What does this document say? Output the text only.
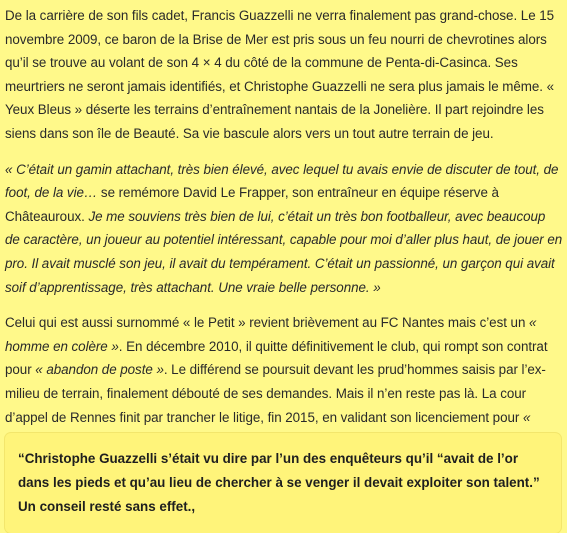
De la carrière de son fils cadet, Francis Guazzelli ne verra finalement pas grand-chose. Le 15 novembre 2009, ce baron de la Brise de Mer est pris sous un feu nourri de chevrotines alors qu’il se trouve au volant de son 4 × 4 du côté de la commune de Penta-di-Casinca. Ses meurtriers ne seront jamais identifiés, et Christophe Guazzelli ne sera plus jamais le même. « Yeux Bleus » déserte les terrains d’entraînement nantais de la Jonelière. Il part rejoindre les siens dans son île de Beauté. Sa vie bascule alors vers un tout autre terrain de jeu.

« C’était un gamin attachant, très bien élevé, avec lequel tu avais envie de discuter de tout, de foot, de la vie… se remémore David Le Frapper, son entraîneur en équipe réserve à Châteauroux. Je me souviens très bien de lui, c’était un très bon footballeur, avec beaucoup de caractère, un joueur au potentiel intéressant, capable pour moi d’aller plus haut, de jouer en pro. Il avait musclé son jeu, il avait du tempérament. C’était un passionné, un garçon qui avait soif d’apprentissage, très attachant. Une vraie belle personne. »

Celui qui est aussi surnommé « le Petit » revient brièvement au FC Nantes mais c’est un « homme en colère ». En décembre 2010, il quitte définitivement le club, qui rompt son contrat pour « abandon de poste ». Le différend se poursuit devant les prud’hommes saisis par l’ex-milieu de terrain, finalement débouté de ses demandes. Mais il n’en reste pas là. La cour d’appel de Rennes finit par trancher le litige, fin 2015, en validant son licenciement pour «

“Christophe Guazzelli s’était vu dire par l’un des enquêteurs qu’il “avait de l’or dans les pieds et qu’au lieu de chercher à se venger il devait exploiter son talent.” Un conseil resté sans effet.,
